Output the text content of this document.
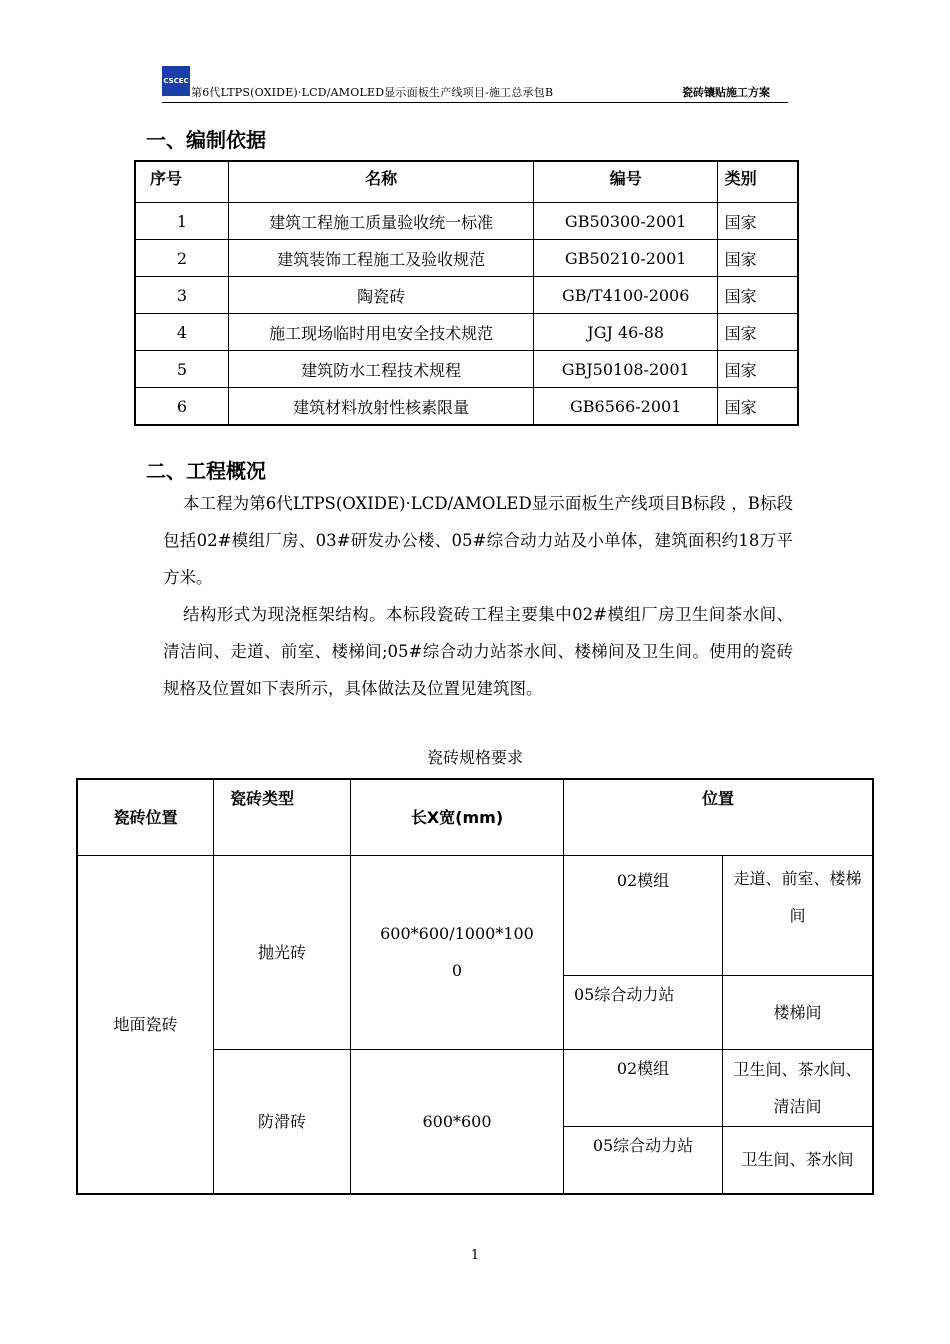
CSCEC
第6代LTPS(OXIDE)·LCD/AMOLED显示面板生产线项目-施工总承包B	瓷砖镶贴施工方案
一、编制依据
序号	名称	编号	类别

1	建筑工程施工质量验收统一标准	GB50300-2001	国家

2	建筑装饰工程施工及验收规范	GB50210-2001	国家

3	陶瓷砖	GB/T4100-2006	国家

4	施工现场临时用电安全技术规范	JGJ 46-88	国家

5	建筑防水工程技术规程	GBJ50108-2001	国家

6	建筑材料放射性核素限量	GB6566-2001	国家
二、工程概况
本工程为第6代LTPS(OXIDE)·LCD/AMOLED显示面板生产线项目B标段 ，B标段包括02#模组厂房、03#研发办公楼、05#综合动力站及小单体，建筑面积约18万平方米。
结构形式为现浇框架结构。本标段瓷砖工程主要集中02#模组厂房卫生间茶水间、清洁间、走道、前室、楼梯间;05#综合动力站茶水间、楼梯间及卫生间。使用的瓷砖规格及位置如下表所示，具体做法及位置见建筑图。
瓷砖规格要求
瓷砖位置	瓷砖类型	长X宽(mm)	位置	
地面瓷砖	抛光砖	600*600/1000*1000	02模组	走道、前室、楼梯间

			05综合动力站	楼梯间
	防滑砖	600*600	02模组	卫生间、茶水间、清洁间

			05综合动力站	卫生间、茶水间
1
